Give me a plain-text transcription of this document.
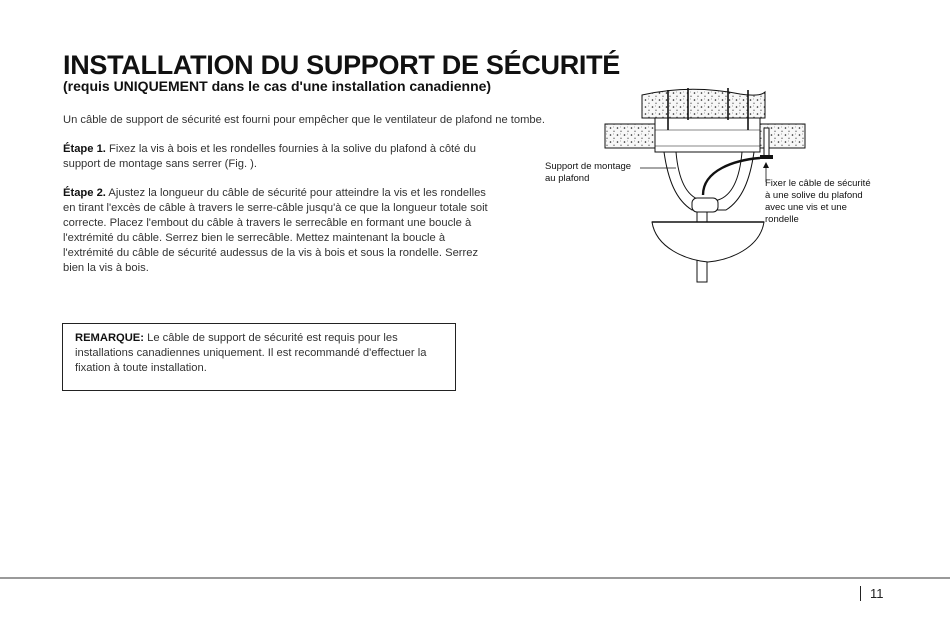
INSTALLATION DU SUPPORT DE SÉCURITÉ
(requis UNIQUEMENT dans le cas d'une installation canadienne)

Un câble de support de sécurité est fourni pour empêcher que le ventilateur de plafond ne tombe.

Étape 1. Fixez la vis à bois et les rondelles fournies à la solive du plafond à côté du support de montage sans serrer (Fig. ).

Étape 2. Ajustez la longueur du câble de sécurité pour atteindre la vis et les rondelles en tirant l'excès de câble à travers le serre-câble jusqu'à ce que la longueur totale soit correcte. Placez l'embout du câble à travers le serrecâble en formant une boucle à l'extrémité du câble. Serrez bien le serrecâble. Mettez maintenant la boucle à l'extrémité du câble de sécurité audessus de la vis à bois et sous la rondelle. Serrez bien la vis à bois.

REMARQUE: Le câble de support de sécurité est requis pour les installations canadiennes uniquement. Il est recommandé d'effectuer la fixation à toute installation.
Support de montage
au plafond	Fixer le câble de sécurité
à une solive du plafond
avec une vis et une
rondelle
11
